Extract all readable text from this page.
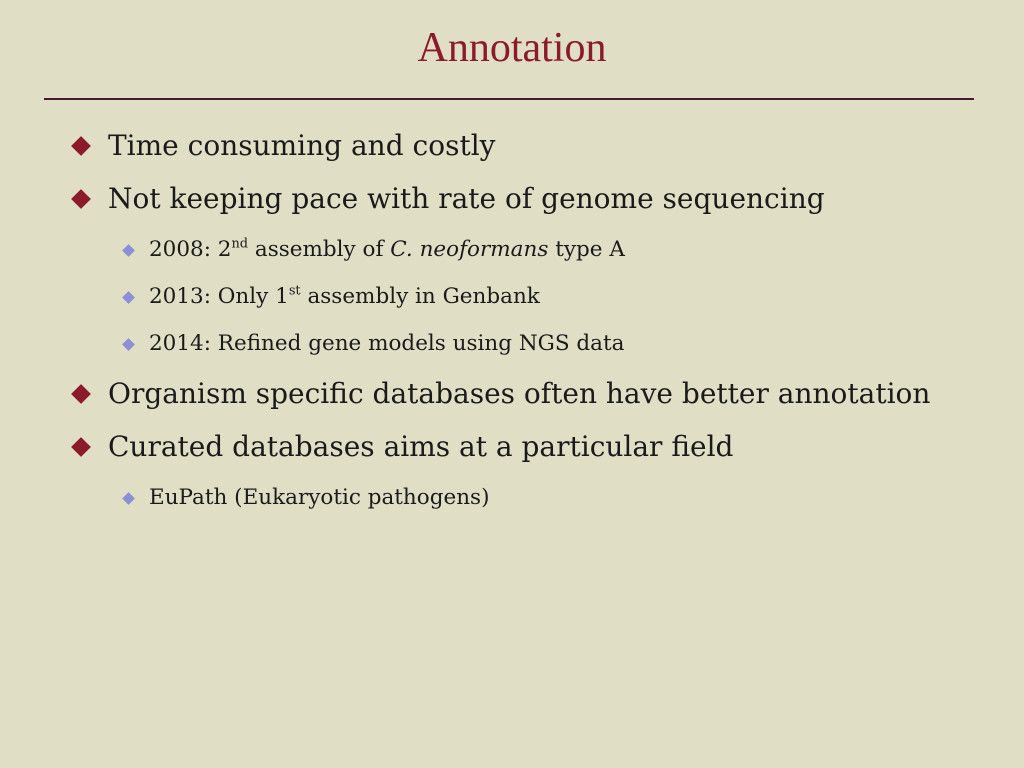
Annotation
Time consuming and costly
Not keeping pace with rate of genome sequencing
2008: 2nd assembly of C. neoformans type A
2013: Only 1st assembly in Genbank
2014: Refined gene models using NGS data
Organism specific databases often have better annotation
Curated databases aims at a particular field
EuPath (Eukaryotic pathogens)
